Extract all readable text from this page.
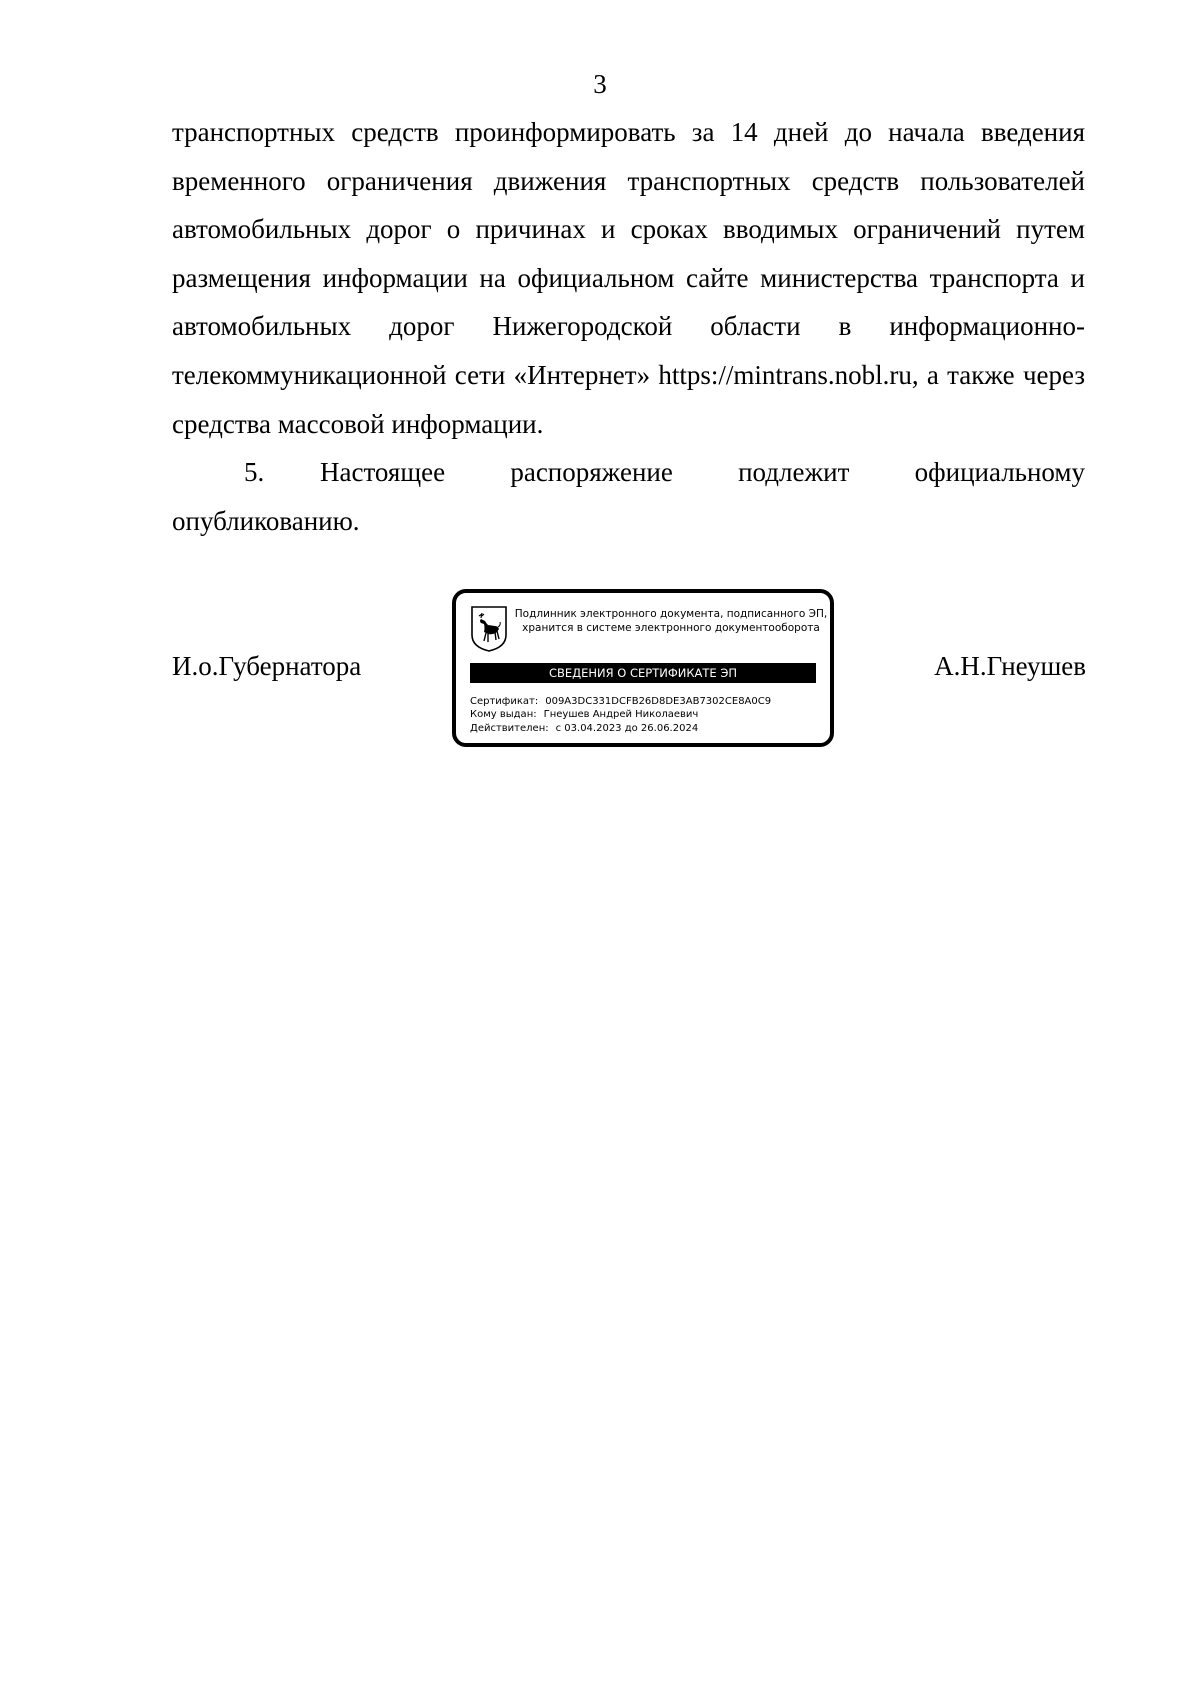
3

транспортных средств проинформировать за 14 дней до начала введения временного ограничения движения транспортных средств пользователей автомобильных дорог о причинах и сроках вводимых ограничений путем размещения информации на официальном сайте министерства транспорта и автомобильных дорог Нижегородской области в информационно-телекоммуникационной сети «Интернет» https://mintrans.nobl.ru, а также через средства массовой информации.

5. Настоящее распоряжение подлежит официальному опубликованию.

И.о.Губернатора
Подлинник электронного документа, подписанного ЭП,
хранится в системе электронного документооборота
СВЕДЕНИЯ О СЕРТИФИКАТЕ ЭП
Сертификат: 009A3DC331DCFB26D8DE3AB7302CE8A0C9
Кому выдан: Гнеушев Андрей Николаевич
Действителен: с 03.04.2023 до 26.06.2024
А.Н.Гнеушев
